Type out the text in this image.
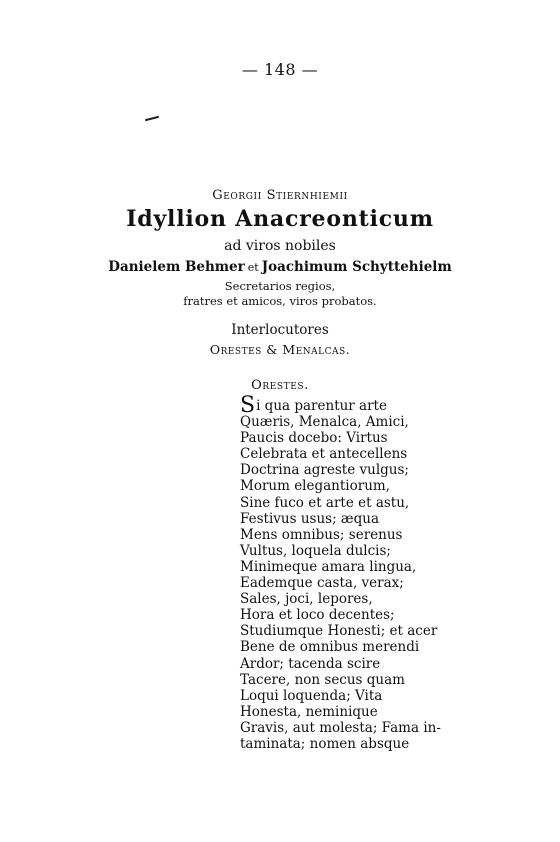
— 148 —
Georgii Stiernhiemii
Idyllion Anacreonticum
ad viros nobiles
Danielem Behmer et Joachimum Schyttehielm
Secretarios regios,
fratres et amicos, viros probatos.
Interlocutores
Orestes & Menalcas.
Orestes.
Si qua parentur arte
Quæris, Menalca, Amici,
Paucis docebo: Virtus
Celebrata et antecellens
Doctrina agreste vulgus;
Morum elegantiorum,
Sine fuco et arte et astu,
Festivus usus; æqua
Mens omnibus; serenus
Vultus, loquela dulcis;
Minimeque amara lingua,
Eademque casta, verax;
Sales, joci, lepores,
Hora et loco decentes;
Studiumque Honesti; et acer
Bene de omnibus merendi
Ardor; tacenda scire
Tacere, non secus quam
Loqui loquenda; Vita
Honesta, neminique
Gravis, aut molesta; Fama in-
taminata; nomen absque
